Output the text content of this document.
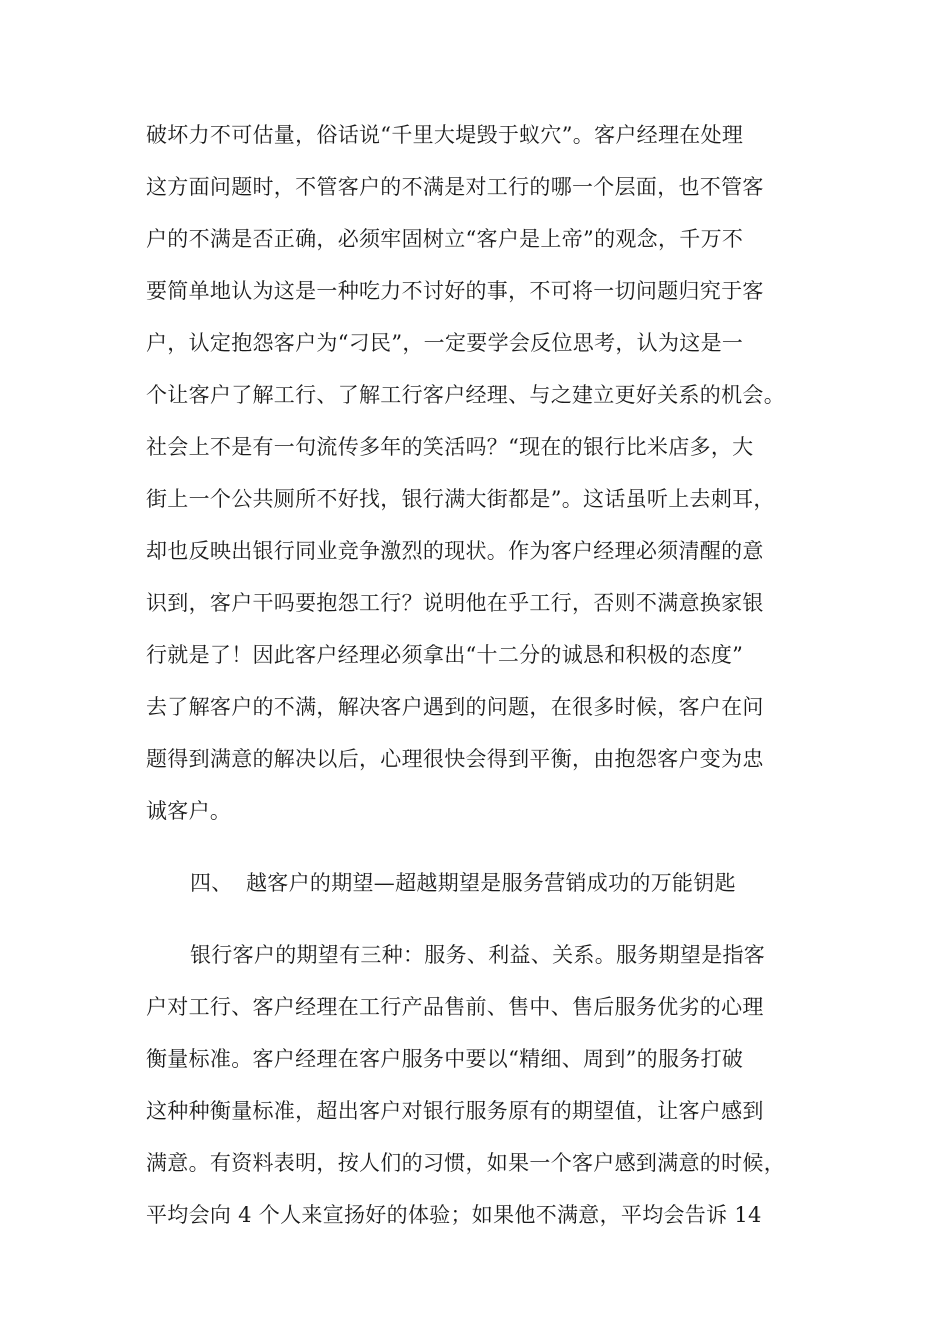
破坏力不可估量，俗话说“千里大堤毁于蚁穴”。客户经理在处理
这方面问题时，不管客户的不满是对工行的哪一个层面，也不管客
户的不满是否正确，必须牢固树立“客户是上帝”的观念，千万不
要简单地认为这是一种吃力不讨好的事，不可将一切问题归究于客
户，认定抱怨客户为“刁民”，一定要学会反位思考，认为这是一
个让客户了解工行、了解工行客户经理、与之建立更好关系的机会。
社会上不是有一句流传多年的笑活吗？“现在的银行比米店多，大
街上一个公共厕所不好找，银行满大街都是”。这话虽听上去刺耳，
却也反映出银行同业竞争激烈的现状。作为客户经理必须清醒的意
识到，客户干吗要抱怨工行？说明他在乎工行，否则不满意换家银
行就是了！因此客户经理必须拿出“十二分的诚恳和积极的态度”
去了解客户的不满，解决客户遇到的问题，在很多时候，客户在问
题得到满意的解决以后，心理很快会得到平衡，由抱怨客户变为忠
诚客户。
四、 越客户的期望—超越期望是服务营销成功的万能钥匙
银行客户的期望有三种：服务、利益、关系。服务期望是指客
户对工行、客户经理在工行产品售前、售中、售后服务优劣的心理
衡量标准。客户经理在客户服务中要以“精细、周到”的服务打破
这种种衡量标准，超出客户对银行服务原有的期望值，让客户感到
满意。有资料表明，按人们的习惯，如果一个客户感到满意的时候，
平均会向 4 个人来宣扬好的体验；如果他不满意，平均会告诉 14
